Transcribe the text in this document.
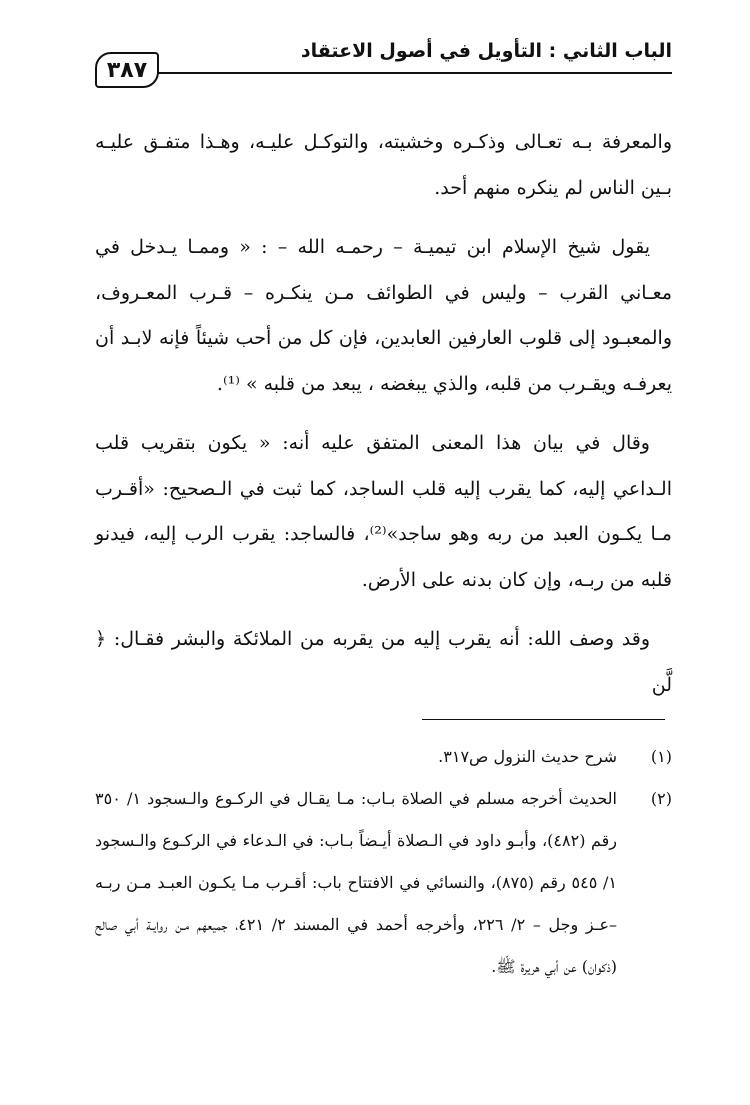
الباب الثاني : التأويل في أصول الاعتقاد
٣٨٧

والمعرفة بـه تعـالى وذكـره وخشيته، والتوكـل عليـه، وهـذا متفـق عليـه بـين الناس لم ينكره منهم أحد.

يقول شيخ الإسلام ابن تيميـة – رحمـه الله – : « وممـا يـدخل في معـاني القرب – وليس في الطوائف مـن ينكـره – قـرب المعـروف، والمعبـود إلى قلوب العارفين العابدين، فإن كل من أحب شيئاً فإنه لابـد أن يعرفـه ويقـرب من قلبه، والذي يبغضه ، يبعد من قلبه » ⁽¹⁾.

وقال في بيان هذا المعنى المتفق عليه أنه: « يكون بتقريب قلب الـداعي إليه، كما يقرب إليه قلب الساجد، كما ثبت في الـصحيح: «أقـرب مـا يكـون العبد من ربه وهو ساجد»⁽²⁾، فالساجد: يقرب الرب إليه، فيدنو قلبه من ربـه، وإن كان بدنه على الأرض.

وقد وصف الله: أنه يقرب إليه من يقربه من الملائكة والبشر فقـال: ﴿ لَّن

(١)
شرح حديث النزول ص٣١٧.
(٢)
الحديث أخرجه مسلم في الصلاة بـاب: مـا يقـال في الركـوع والـسجود ١/ ٣٥٠ رقم (٤٨٢)، وأبـو داود في الـصلاة أيـضاً بـاب: في الـدعاء في الركـوع والـسجود ١/ ٥٤٥ رقم (٨٧٥)، والنسائي في الافتتاح باب: أقـرب مـا يكـون العبـد مـن ربـه –عـز وجل – ٢/ ٢٢٦، وأخرجه أحمد في المسند ٢/ ٤٢١، جميعهم مـن روايـة أبي صالح (ذكوان) عن أبي هريرة ﷺ.
